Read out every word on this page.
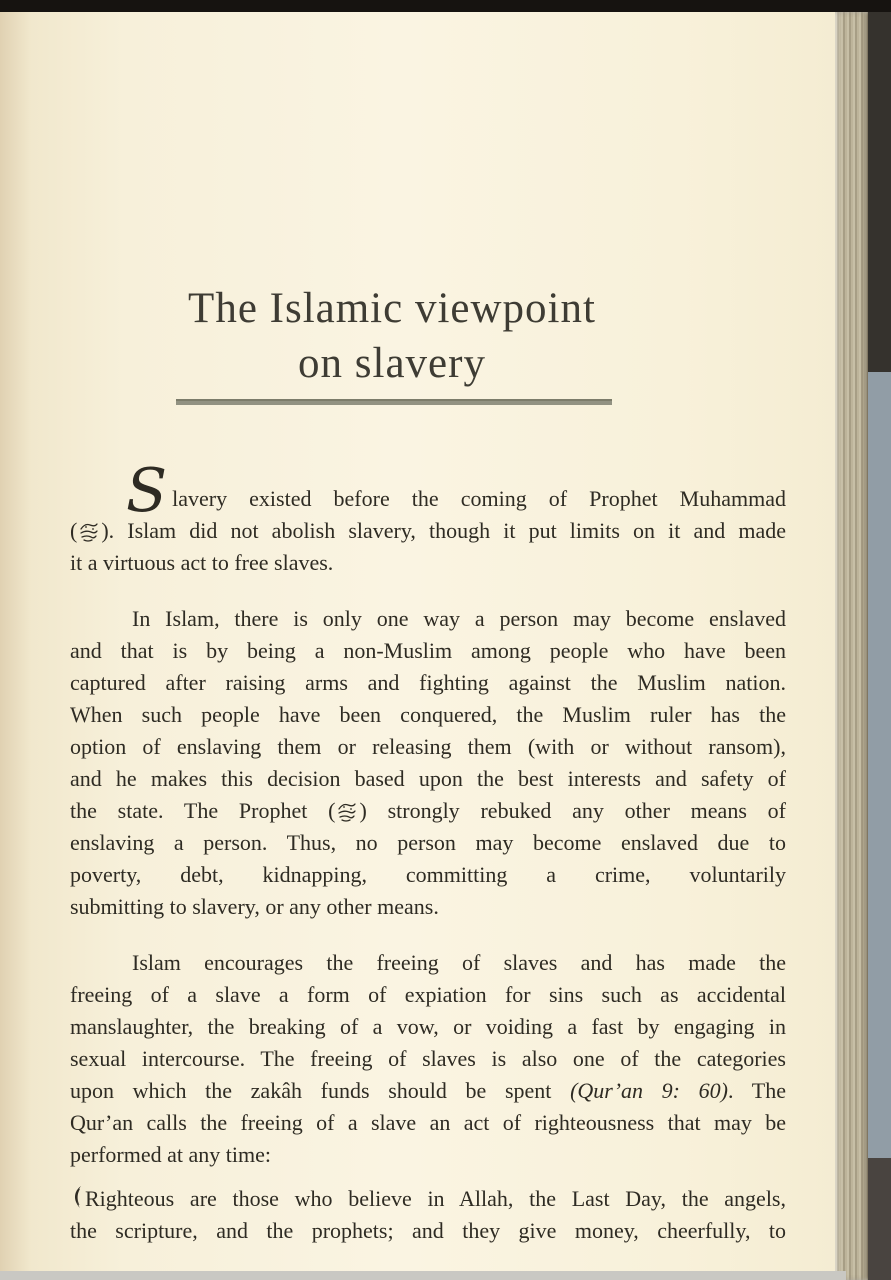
The Islamic viewpoint
on slavery
Slavery existed before the coming of Prophet Muhammad
( ). Islam did not abolish slavery, though it put limits on it and made
it a virtuous act to free slaves.
In Islam, there is only one way a person may become enslaved
and that is by being a non-Muslim among people who have been
captured after raising arms and fighting against the Muslim nation.
When such people have been conquered, the Muslim ruler has the
option of enslaving them or releasing them (with or without ransom),
and he makes this decision based upon the best interests and safety of
the state. The Prophet ( ) strongly rebuked any other means of
enslaving a person. Thus, no person may become enslaved due to
poverty, debt, kidnapping, committing a crime, voluntarily
submitting to slavery, or any other means.
Islam encourages the freeing of slaves and has made the
freeing of a slave a form of expiation for sins such as accidental
manslaughter, the breaking of a vow, or voiding a fast by engaging in
sexual intercourse. The freeing of slaves is also one of the categories
upon which the zakâh funds should be spent (Qur’an 9: 60). The
Qur’an calls the freeing of a slave an act of righteousness that may be
performed at any time:
Righteous are those who believe in Allah, the Last Day, the angels,
the scripture, and the prophets; and they give money, cheerfully, to
